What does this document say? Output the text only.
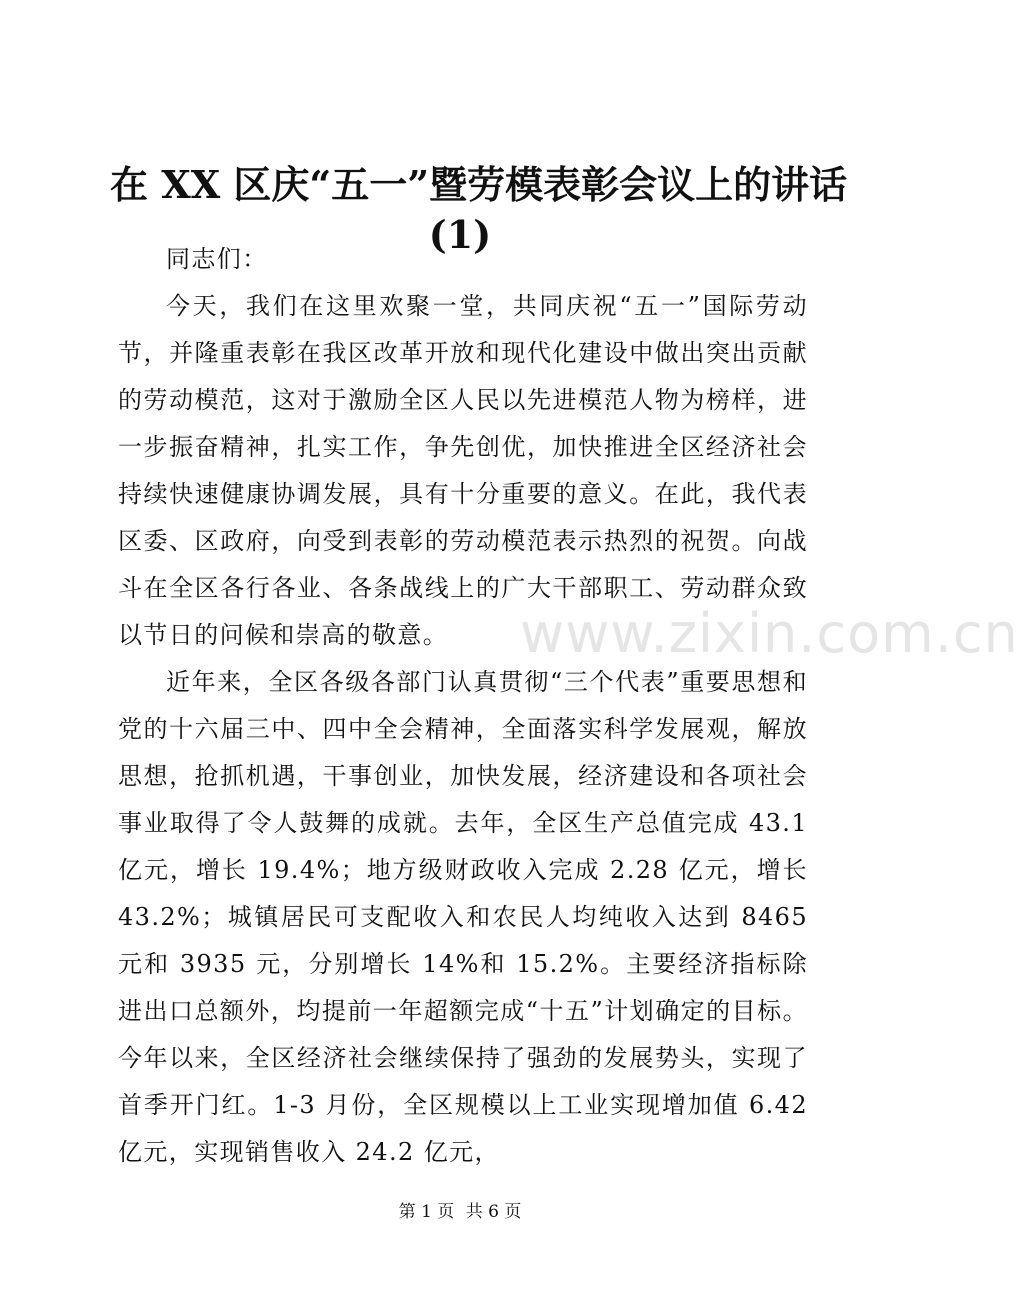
在 XX 区庆“五一”暨劳模表彰会议上的讲话
(1)

同志们：

今天，我们在这里欢聚一堂，共同庆祝“五一”国际劳动节，并隆重表彰在我区改革开放和现代化建设中做出突出贡献的劳动模范，这对于激励全区人民以先进模范人物为榜样，进一步振奋精神，扎实工作，争先创优，加快推进全区经济社会持续快速健康协调发展，具有十分重要的意义。在此，我代表区委、区政府，向受到表彰的劳动模范表示热烈的祝贺。向战斗在全区各行各业、各条战线上的广大干部职工、劳动群众致以节日的问候和崇高的敬意。

近年来，全区各级各部门认真贯彻“三个代表”重要思想和党的十六届三中、四中全会精神，全面落实科学发展观，解放思想，抢抓机遇，干事创业，加快发展，经济建设和各项社会事业取得了令人鼓舞的成就。去年，全区生产总值完成 43.1 亿元，增长 19.4%；地方级财政收入完成 2.28 亿元，增长 43.2%；城镇居民可支配收入和农民人均纯收入达到 8465 元和 3935 元，分别增长 14%和 15.2%。主要经济指标除进出口总额外，均提前一年超额完成“十五”计划确定的目标。今年以来，全区经济社会继续保持了强劲的发展势头，实现了首季开门红。1-3 月份，全区规模以上工业实现增加值 6.42 亿元，实现销售收入 24.2 亿元，

www.zixin.com.cn
第 1 页 共 6 页
